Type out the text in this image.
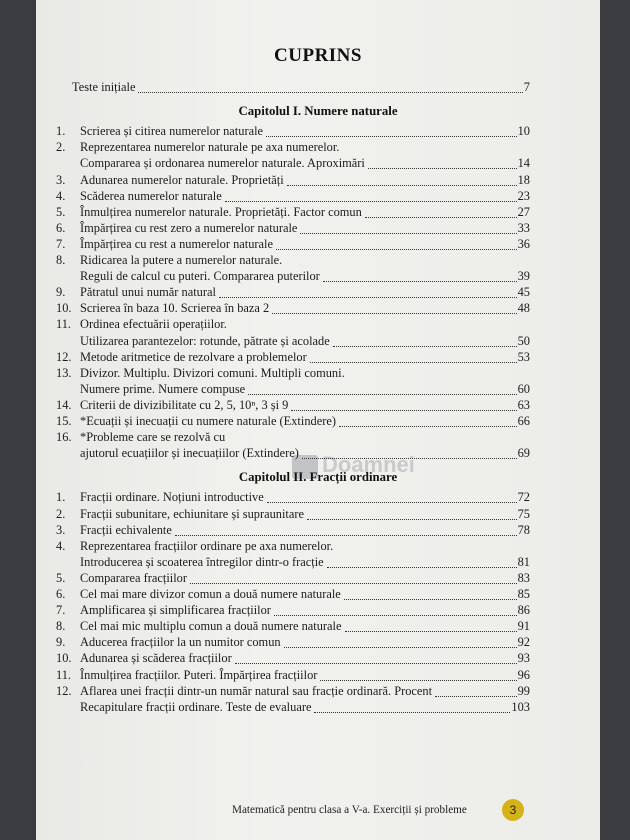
CUPRINS
Doamnei
Teste inițiale	7
Capitolul I. Numere naturale
1.	Scrierea și citirea numerelor naturale	10
2.	Reprezentarea numerelor naturale pe axa numerelor.
Compararea și ordonarea numerelor naturale. Aproximări	14
3.	Adunarea numerelor naturale. Proprietăți	18
4.	Scăderea numerelor naturale	23
5.	Înmulțirea numerelor naturale. Proprietăți. Factor comun	27
6.	Împărțirea cu rest zero a numerelor naturale	33
7.	Împărțirea cu rest a numerelor naturale	36
8.	Ridicarea la putere a numerelor naturale.
Reguli de calcul cu puteri. Compararea puterilor	39
9.	Pătratul unui număr natural	45
10. Scrierea în baza 10. Scrierea în baza 2	48
11. Ordinea efectuării operațiilor.
Utilizarea parantezelor: rotunde, pătrate și acolade	50
12. Metode aritmetice de rezolvare a problemelor	53
13. Divizor. Multiplu. Divizori comuni. Multipli comuni.
Numere prime. Numere compuse	60
14. Criterii de divizibilitate cu 2, 5, 10ⁿ, 3 și 9	63
15. *Ecuații și inecuații cu numere naturale (Extindere)	66
16. *Probleme care se rezolvă cu
ajutorul ecuațiilor și inecuațiilor (Extindere)	69
Capitolul II. Fracții ordinare
1.	Fracții ordinare. Noțiuni introductive	72
2.	Fracții subunitare, echiunitare și supraunitare	75
3.	Fracții echivalente	78
4.	Reprezentarea fracțiilor ordinare pe axa numerelor.
Introducerea și scoaterea întregilor dintr-o fracție	81
5.	Compararea fracțiilor	83
6.	Cel mai mare divizor comun a două numere naturale	85
7.	Amplificarea și simplificarea fracțiilor	86
8.	Cel mai mic multiplu comun a două numere naturale	91
9.	Aducerea fracțiilor la un numitor comun	92
10. Adunarea și scăderea fracțiilor	93
11. Înmulțirea fracțiilor. Puteri. Împărțirea fracțiilor	96
12. Aflarea unei fracții dintr-un număr natural sau fracție ordinară. Procent	99
Recapitulare fracții ordinare. Teste de evaluare	103
Matematică pentru clasa a V-a. Exerciții și probleme	3
